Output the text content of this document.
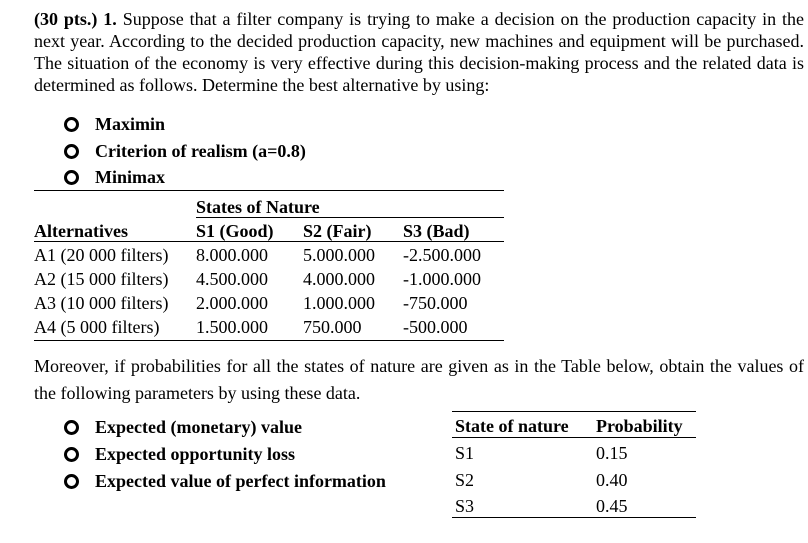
(30 pts.) 1. Suppose that a filter company is trying to make a decision on the production capacity in the next year. According to the decided production capacity, new machines and equipment will be purchased. The situation of the economy is very effective during this decision-making process and the related data is determined as follows. Determine the best alternative by using:
Maximin
Criterion of realism (a=0.8)
Minimax
States of Nature
Alternatives	S1 (Good) S2 (Fair) S3 (Bad)
A1 (20 000 filters) 8.000.000 5.000.000 -2.500.000
A2 (15 000 filters) 4.500.000 4.000.000 -1.000.000
A3 (10 000 filters) 2.000.000 1.000.000 -750.000
A4 (5 000 filters) 1.500.000 750.000 -500.000
Moreover, if probabilities for all the states of nature are given as in the Table below, obtain the values of the following parameters by using these data.
Expected (monetary) value
Expected opportunity loss
Expected value of perfect information
State of nature Probability
S1	0.15
S2	0.40
S3	0.45
